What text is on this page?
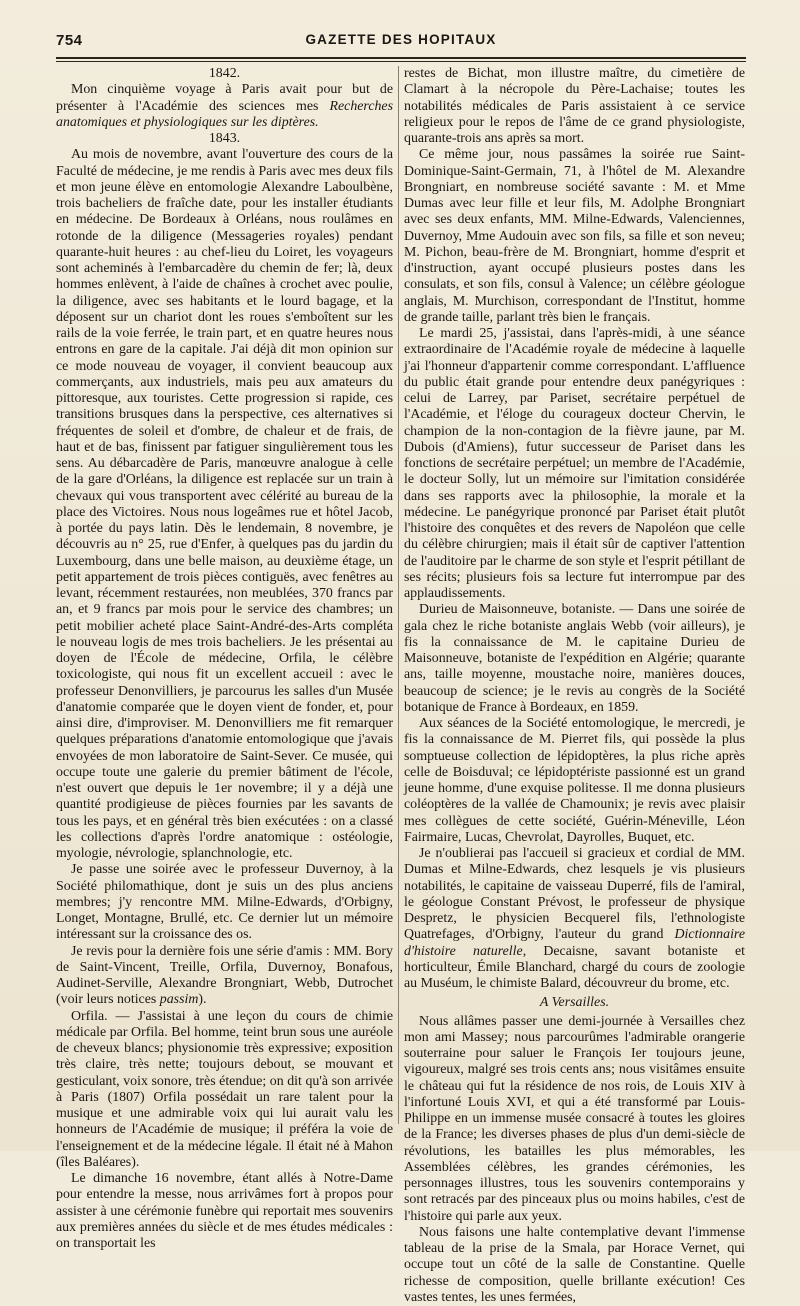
754	GAZETTE DES HOPITAUX

1842.

Mon cinquième voyage à Paris avait pour but de présenter à l'Académie des sciences mes Recherches anatomiques et physiologiques sur les diptères.

1843.

Au mois de novembre, avant l'ouverture des cours de la Faculté de médecine, je me rendis à Paris avec mes deux fils et mon jeune élève en entomologie Alexandre Laboulbène, trois bacheliers de fraîche date, pour les installer étudiants en médecine. De Bordeaux à Orléans, nous roulâmes en rotonde de la diligence (Messageries royales) pendant quarante-huit heures : au chef-lieu du Loiret, les voyageurs sont acheminés à l'embarcadère du chemin de fer; là, deux hommes enlèvent, à l'aide de chaînes à crochet avec poulie, la diligence, avec ses habitants et le lourd bagage, et la déposent sur un chariot dont les roues s'emboîtent sur les rails de la voie ferrée, le train part, et en quatre heures nous entrons en gare de la capitale. J'ai déjà dit mon opinion sur ce mode nouveau de voyager, il convient beaucoup aux commerçants, aux industriels, mais peu aux amateurs du pittoresque, aux touristes. Cette progression si rapide, ces transitions brusques dans la perspective, ces alternatives si fréquentes de soleil et d'ombre, de chaleur et de frais, de haut et de bas, finissent par fatiguer singulièrement tous les sens. Au débarcadère de Paris, manœuvre analogue à celle de la gare d'Orléans, la diligence est replacée sur un train à chevaux qui vous transportent avec célérité au bureau de la place des Victoires. Nous nous logeâmes rue et hôtel Jacob, à portée du pays latin. Dès le lendemain, 8 novembre, je découvris au n° 25, rue d'Enfer, à quelques pas du jardin du Luxembourg, dans une belle maison, au deuxième étage, un petit appartement de trois pièces contiguës, avec fenêtres au levant, récemment restaurées, non meublées, 370 francs par an, et 9 francs par mois pour le service des chambres; un petit mobilier acheté place Saint-André-des-Arts compléta le nouveau logis de mes trois bacheliers. Je les présentai au doyen de l'École de médecine, Orfila, le célèbre toxicologiste, qui nous fit un excellent accueil : avec le professeur Denonvilliers, je parcourus les salles d'un Musée d'anatomie comparée que le doyen vient de fonder, et, pour ainsi dire, d'improviser. M. Denonvilliers me fit remarquer quelques préparations d'anatomie entomologique que j'avais envoyées de mon laboratoire de Saint-Sever. Ce musée, qui occupe toute une galerie du premier bâtiment de l'école, n'est ouvert que depuis le 1er novembre; il y a déjà une quantité prodigieuse de pièces fournies par les savants de tous les pays, et en général très bien exécutées : on a classé les collections d'après l'ordre anatomique : ostéologie, myologie, névrologie, splanchnologie, etc.

Je passe une soirée avec le professeur Duvernoy, à la Société philomathique, dont je suis un des plus anciens membres; j'y rencontre MM. Milne-Edwards, d'Orbigny, Longet, Montagne, Brullé, etc. Ce dernier lut un mémoire intéressant sur la croissance des os.

Je revis pour la dernière fois une série d'amis : MM. Bory de Saint-Vincent, Treille, Orfila, Duvernoy, Bonafous, Audinet-Serville, Alexandre Brongniart, Webb, Dutrochet (voir leurs notices passim).

Orfila. — J'assistai à une leçon du cours de chimie médicale par Orfila. Bel homme, teint brun sous une auréole de cheveux blancs; physionomie très expressive; exposition très claire, très nette; toujours debout, se mouvant et gesticulant, voix sonore, très étendue; on dit qu'à son arrivée à Paris (1807) Orfila possédait un rare talent pour la musique et une admirable voix qui lui aurait valu les honneurs de l'Académie de musique; il préféra la voie de l'enseignement et de la médecine légale. Il était né à Mahon (îles Baléares).

Le dimanche 16 novembre, étant allés à Notre-Dame pour entendre la messe, nous arrivâmes fort à propos pour assister à une cérémonie funèbre qui reportait mes souvenirs aux premières années du siècle et de mes études médicales : on transportait les

restes de Bichat, mon illustre maître, du cimetière de Clamart à la nécropole du Père-Lachaise; toutes les notabilités médicales de Paris assistaient à ce service religieux pour le repos de l'âme de ce grand physiologiste, quarante-trois ans après sa mort.

Ce même jour, nous passâmes la soirée rue Saint-Dominique-Saint-Germain, 71, à l'hôtel de M. Alexandre Brongniart, en nombreuse société savante : M. et Mme Dumas avec leur fille et leur fils, M. Adolphe Brongniart avec ses deux enfants, MM. Milne-Edwards, Valenciennes, Duvernoy, Mme Audouin avec son fils, sa fille et son neveu; M. Pichon, beau-frère de M. Brongniart, homme d'esprit et d'instruction, ayant occupé plusieurs postes dans les consulats, et son fils, consul à Valence; un célèbre géologue anglais, M. Murchison, correspondant de l'Institut, homme de grande taille, parlant très bien le français.

Le mardi 25, j'assistai, dans l'après-midi, à une séance extraordinaire de l'Académie royale de médecine à laquelle j'ai l'honneur d'appartenir comme correspondant. L'affluence du public était grande pour entendre deux panégyriques : celui de Larrey, par Pariset, secrétaire perpétuel de l'Académie, et l'éloge du courageux docteur Chervin, le champion de la non-contagion de la fièvre jaune, par M. Dubois (d'Amiens), futur successeur de Pariset dans les fonctions de secrétaire perpétuel; un membre de l'Académie, le docteur Solly, lut un mémoire sur l'imitation considérée dans ses rapports avec la philosophie, la morale et la médecine. Le panégyrique prononcé par Pariset était plutôt l'histoire des conquêtes et des revers de Napoléon que celle du célèbre chirurgien; mais il était sûr de captiver l'attention de l'auditoire par le charme de son style et l'esprit pétillant de ses récits; plusieurs fois sa lecture fut interrompue par des applaudissements.

Durieu de Maisonneuve, botaniste. — Dans une soirée de gala chez le riche botaniste anglais Webb (voir ailleurs), je fis la connaissance de M. le capitaine Durieu de Maisonneuve, botaniste de l'expédition en Algérie; quarante ans, taille moyenne, moustache noire, manières douces, beaucoup de science; je le revis au congrès de la Société botanique de France à Bordeaux, en 1859.

Aux séances de la Société entomologique, le mercredi, je fis la connaissance de M. Pierret fils, qui possède la plus somptueuse collection de lépidoptères, la plus riche après celle de Boisduval; ce lépidoptériste passionné est un grand jeune homme, d'une exquise politesse. Il me donna plusieurs coléoptères de la vallée de Chamounix; je revis avec plaisir mes collègues de cette société, Guérin-Méneville, Léon Fairmaire, Lucas, Chevrolat, Dayrolles, Buquet, etc.

Je n'oublierai pas l'accueil si gracieux et cordial de MM. Dumas et Milne-Edwards, chez lesquels je vis plusieurs notabilités, le capitaine de vaisseau Duperré, fils de l'amiral, le géologue Constant Prévost, le professeur de physique Despretz, le physicien Becquerel fils, l'ethnologiste Quatrefages, d'Orbigny, l'auteur du grand Dictionnaire d'histoire naturelle, Decaisne, savant botaniste et horticulteur, Émile Blanchard, chargé du cours de zoologie au Muséum, le chimiste Balard, découvreur du brome, etc.

A Versailles.

Nous allâmes passer une demi-journée à Versailles chez mon ami Massey; nous parcourûmes l'admirable orangerie souterraine pour saluer le François Ier toujours jeune, vigoureux, malgré ses trois cents ans; nous visitâmes ensuite le château qui fut la résidence de nos rois, de Louis XIV à l'infortuné Louis XVI, et qui a été transformé par Louis-Philippe en un immense musée consacré à toutes les gloires de la France; les diverses phases de plus d'un demi-siècle de révolutions, les batailles les plus mémorables, les Assemblées célèbres, les grandes cérémonies, les personnages illustres, tous les souvenirs contemporains y sont retracés par des pinceaux plus ou moins habiles, c'est de l'histoire qui parle aux yeux.

Nous faisons une halte contemplative devant l'immense tableau de la prise de la Smala, par Horace Vernet, qui occupe tout un côté de la salle de Constantine. Quelle richesse de composition, quelle brillante exécution! Ces vastes tentes, les unes fermées,
